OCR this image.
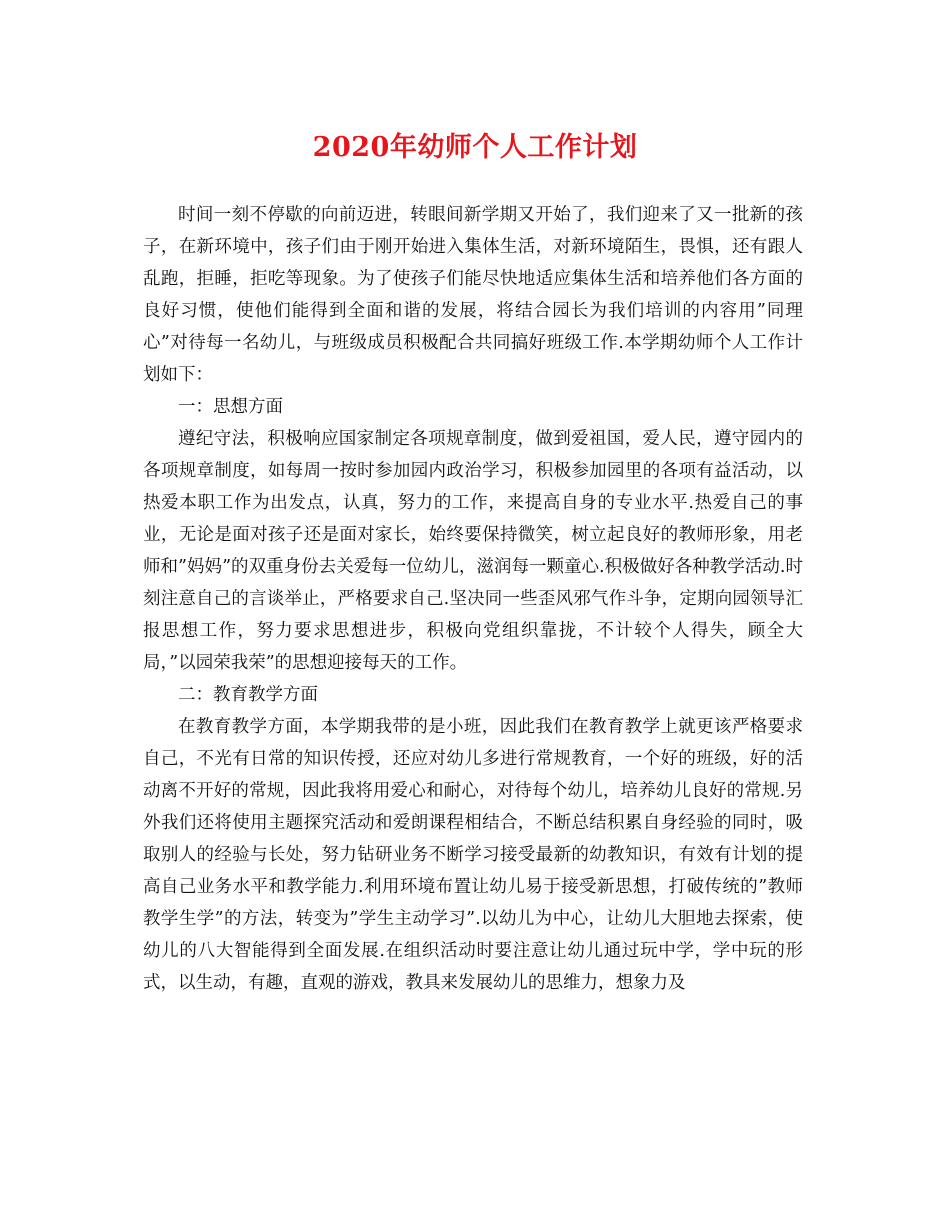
2020年幼师个人工作计划

时间一刻不停歇的向前迈进，转眼间新学期又开始了，我们迎来了又一批新的孩子，在新环境中，孩子们由于刚开始进入集体生活，对新环境陌生，畏惧，还有跟人乱跑，拒睡，拒吃等现象。为了使孩子们能尽快地适应集体生活和培养他们各方面的良好习惯，使他们能得到全面和谐的发展，将结合园长为我们培训的内容用”同理心”对待每一名幼儿，与班级成员积极配合共同搞好班级工作.本学期幼师个人工作计划如下：

一：思想方面

遵纪守法，积极响应国家制定各项规章制度，做到爱祖国，爱人民，遵守园内的各项规章制度，如每周一按时参加园内政治学习，积极参加园里的各项有益活动，以热爱本职工作为出发点，认真，努力的工作，来提高自身的专业水平.热爱自己的事业，无论是面对孩子还是面对家长，始终要保持微笑，树立起良好的教师形象，用老师和”妈妈”的双重身份去关爱每一位幼儿，滋润每一颗童心.积极做好各种教学活动.时刻注意自己的言谈举止，严格要求自己.坚决同一些歪风邪气作斗争，定期向园领导汇报思想工作，努力要求思想进步，积极向党组织靠拢，不计较个人得失，顾全大局，”以园荣我荣”的思想迎接每天的工作。

二：教育教学方面

在教育教学方面，本学期我带的是小班，因此我们在教育教学上就更该严格要求自己，不光有日常的知识传授，还应对幼儿多进行常规教育，一个好的班级，好的活动离不开好的常规，因此我将用爱心和耐心，对待每个幼儿，培养幼儿良好的常规.另外我们还将使用主题探究活动和爱朗课程相结合，不断总结积累自身经验的同时，吸取别人的经验与长处，努力钻研业务不断学习接受最新的幼教知识，有效有计划的提高自己业务水平和教学能力.利用环境布置让幼儿易于接受新思想，打破传统的”教师教学生学”的方法，转变为”学生主动学习”.以幼儿为中心，让幼儿大胆地去探索，使幼儿的八大智能得到全面发展.在组织活动时要注意让幼儿通过玩中学，学中玩的形式，以生动，有趣，直观的游戏，教具来发展幼儿的思维力，想象力及
